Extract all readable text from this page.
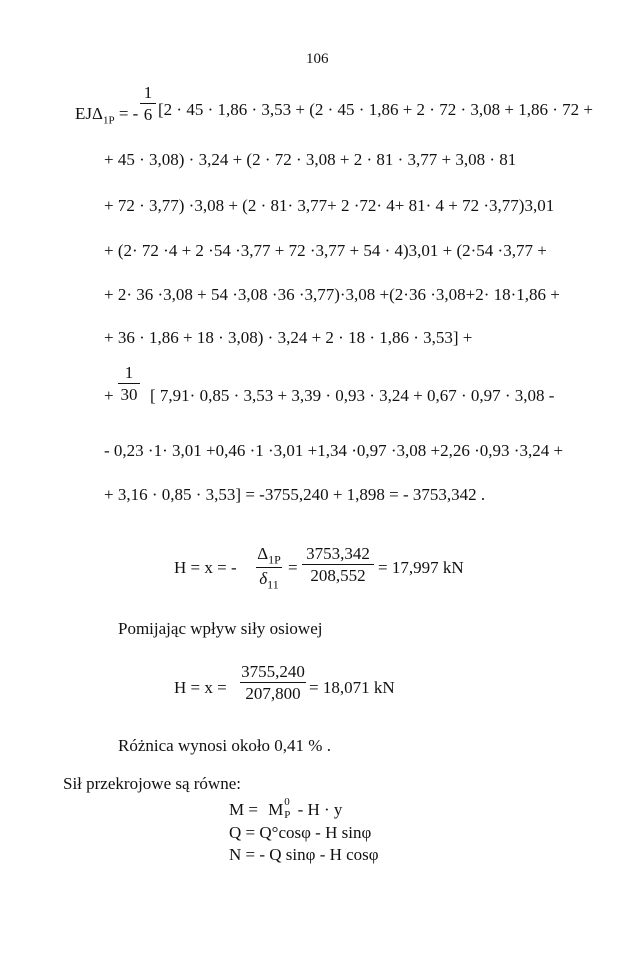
106
$EJ\Delta_{1P}$ = -
1
6 [2 · 45 · 1,86 · 3,53 + (2 · 45 · 1,86 + 2 · 72 · 3,08 + 1,86 · 72 +
+ 45 · 3,08) · 3,24 + (2 · 72 · 3,08 + 2 · 81 · 3,77 + 3,08 · 81
+ 72 · 3,77) ·3,08 + (2 · 81· 3,77+ 2 ·72· 4+ 81· 4 + 72 ·3,77)3,01
+ (2· 72 ·4 + 2 ·54 ·3,77 + 72 ·3,77 + 54 · 4)3,01 + (2·54 ·3,77 +
+ 2· 36 ·3,08 + 54 ·3,08 ·36 ·3,77)·3,08 +(2·36 ·3,08+2· 18·1,86 +
+ 36 · 1,86 + 18 · 3,08) · 3,24 + 2 · 18 · 1,86 · 3,53] +
+
1
30 [ 7,91· 0,85 · 3,53 + 3,39 · 0,93 · 3,24 + 0,67 · 0,97 · 3,08 -
- 0,23 ·1· 3,01 +0,46 ·1 ·3,01 +1,34 ·0,97 ·3,08 +2,26 ·0,93 ·3,24 +
+ 3,16 · 0,85 · 3,53] = -3755,240 + 1,898 = - 3753,342 .
H = x = -
$\Delta_{1P}$
$\delta_{11}$
=
3753,342
208,552 = 17,997 kN
Pomijając wpływ siły osiowej
H = x =
3755,240
207,800 = 18,071 kN
Różnica wynosi około 0,41 % .
Sił przekrojowe są równe:
M = M 0
P - H · y
Q = Q°cosφ - H sinφ
N = - Q sinφ - H cosφ
